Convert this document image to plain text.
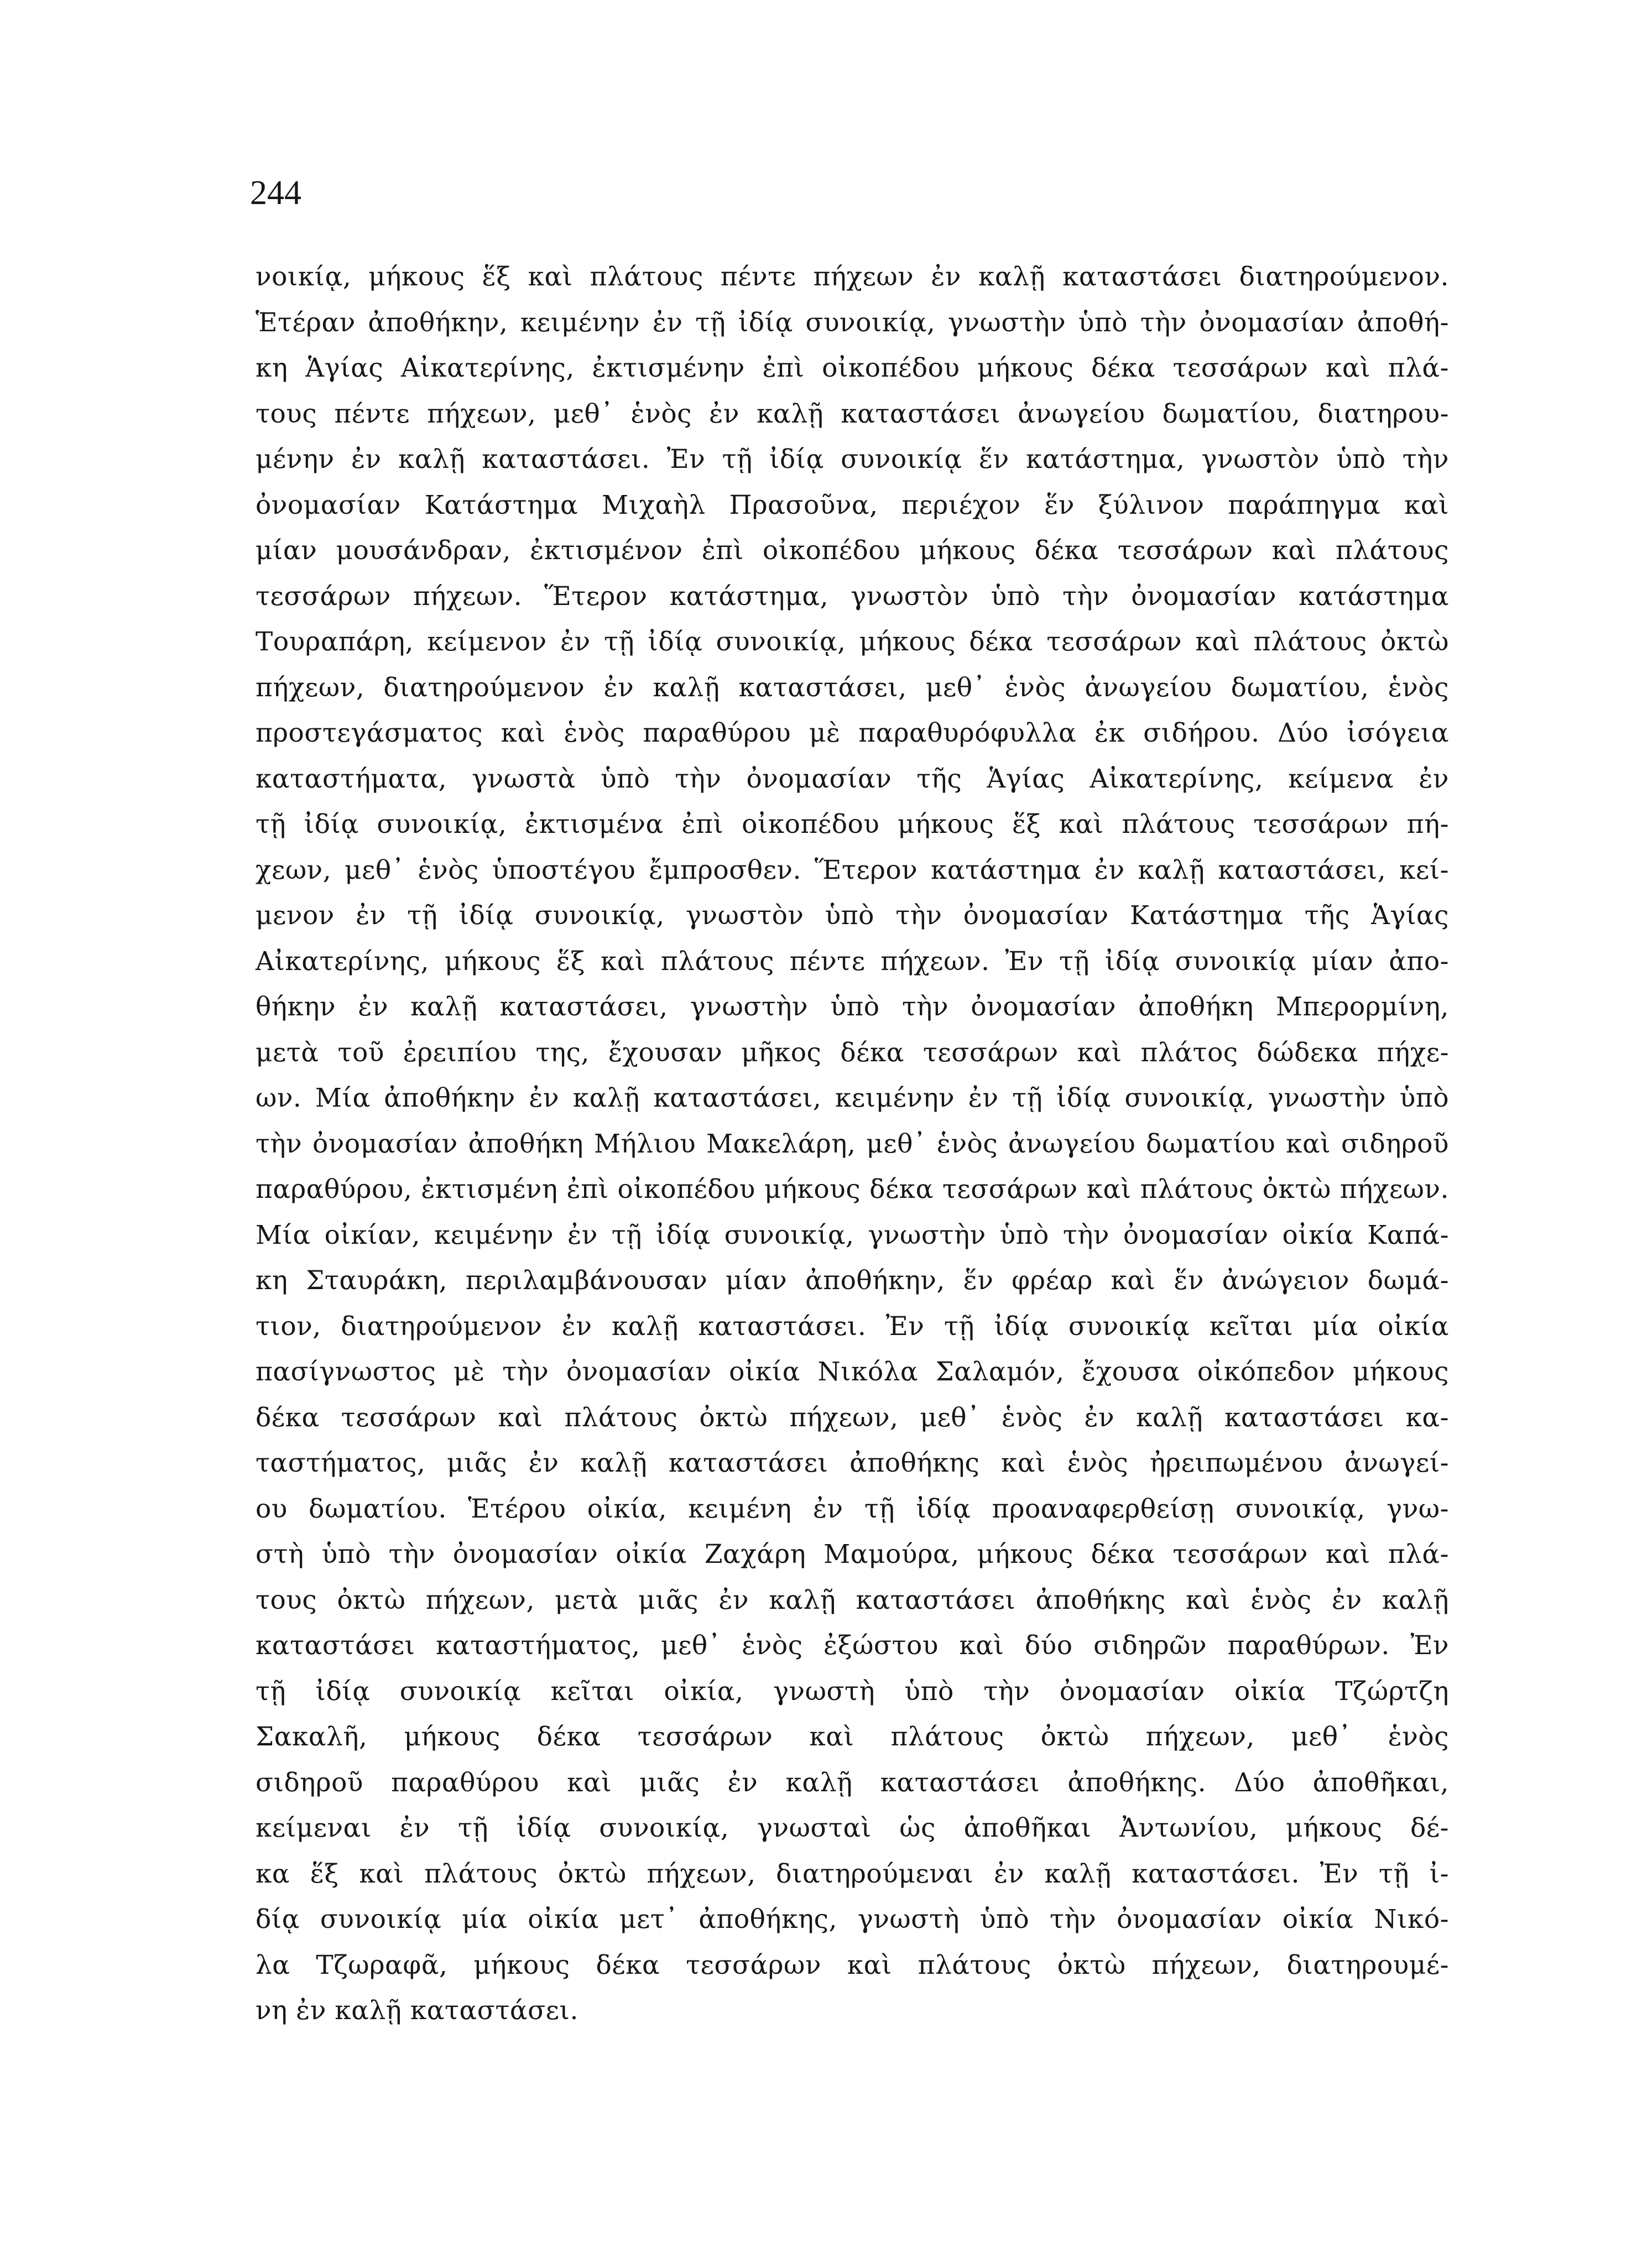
244
νοικίᾳ, μήκους ἕξ καὶ πλάτους πέντε πήχεων ἐν καλῇ καταστάσει διατηρούμενον.
Ἑτέραν ἀποθήκην, κειμένην ἐν τῇ ἰδίᾳ συνοικίᾳ, γνωστὴν ὑπὸ τὴν ὀνομασίαν ἀποθή-
κη Ἁγίας Αἰκατερίνης, ἐκτισμένην ἐπὶ οἰκοπέδου μήκους δέκα τεσσάρων καὶ πλά-
τους πέντε πήχεων, μεθ᾽ ἑνὸς ἐν καλῇ καταστάσει ἀνωγείου δωματίου, διατηρου-
μένην ἐν καλῇ καταστάσει. Ἐν τῇ ἰδίᾳ συνοικίᾳ ἕν κατάστημα, γνωστὸν ὑπὸ τὴν
ὀνομασίαν Κατάστημα Μιχαὴλ Πρασοῦνα, περιέχον ἕν ξύλινον παράπηγμα καὶ
μίαν μουσάνδραν, ἐκτισμένον ἐπὶ οἰκοπέδου μήκους δέκα τεσσάρων καὶ πλάτους
τεσσάρων πήχεων. Ἕτερον κατάστημα, γνωστὸν ὑπὸ τὴν ὀνομασίαν κατάστημα
Τουραπάρη, κείμενον ἐν τῇ ἰδίᾳ συνοικίᾳ, μήκους δέκα τεσσάρων καὶ πλάτους ὀκτὼ
πήχεων, διατηρούμενον ἐν καλῇ καταστάσει, μεθ᾽ ἑνὸς ἀνωγείου δωματίου, ἑνὸς
προστεγάσματος καὶ ἑνὸς παραθύρου μὲ παραθυρόφυλλα ἐκ σιδήρου. Δύο ἰσόγεια
καταστήματα, γνωστὰ ὑπὸ τὴν ὀνομασίαν τῆς Ἁγίας Αἰκατερίνης, κείμενα ἐν
τῇ ἰδίᾳ συνοικίᾳ, ἐκτισμένα ἐπὶ οἰκοπέδου μήκους ἕξ καὶ πλάτους τεσσάρων πή-
χεων, μεθ᾽ ἑνὸς ὑποστέγου ἔμπροσθεν. Ἕτερον κατάστημα ἐν καλῇ καταστάσει, κεί-
μενον ἐν τῇ ἰδίᾳ συνοικίᾳ, γνωστὸν ὑπὸ τὴν ὀνομασίαν Κατάστημα τῆς Ἁγίας
Αἰκατερίνης, μήκους ἕξ καὶ πλάτους πέντε πήχεων. Ἐν τῇ ἰδίᾳ συνοικίᾳ μίαν ἀπο-
θήκην ἐν καλῇ καταστάσει, γνωστὴν ὑπὸ τὴν ὀνομασίαν ἀποθήκη Μπερορμίνη,
μετὰ τοῦ ἐρειπίου της, ἔχουσαν μῆκος δέκα τεσσάρων καὶ πλάτος δώδεκα πήχε-
ων. Μία ἀποθήκην ἐν καλῇ καταστάσει, κειμένην ἐν τῇ ἰδίᾳ συνοικίᾳ, γνωστὴν ὑπὸ
τὴν ὀνομασίαν ἀποθήκη Μήλιου Μακελάρη, μεθ᾽ ἑνὸς ἀνωγείου δωματίου καὶ σιδηροῦ
παραθύρου, ἐκτισμένη ἐπὶ οἰκοπέδου μήκους δέκα τεσσάρων καὶ πλάτους ὀκτὼ πήχεων.
Μία οἰκίαν, κειμένην ἐν τῇ ἰδίᾳ συνοικίᾳ, γνωστὴν ὑπὸ τὴν ὀνομασίαν οἰκία Καπά-
κη Σταυράκη, περιλαμβάνουσαν μίαν ἀποθήκην, ἕν φρέαρ καὶ ἕν ἀνώγειον δωμά-
τιον, διατηρούμενον ἐν καλῇ καταστάσει. Ἐν τῇ ἰδίᾳ συνοικίᾳ κεῖται μία οἰκία
πασίγνωστος μὲ τὴν ὀνομασίαν οἰκία Νικόλα Σαλαμόν, ἔχουσα οἰκόπεδον μήκους
δέκα τεσσάρων καὶ πλάτους ὀκτὼ πήχεων, μεθ᾽ ἑνὸς ἐν καλῇ καταστάσει κα-
ταστήματος, μιᾶς ἐν καλῇ καταστάσει ἀποθήκης καὶ ἑνὸς ἠρειπωμένου ἀνωγεί-
ου δωματίου. Ἑτέρου οἰκία, κειμένη ἐν τῇ ἰδίᾳ προαναφερθείσῃ συνοικίᾳ, γνω-
στὴ ὑπὸ τὴν ὀνομασίαν οἰκία Ζαχάρη Μαμούρα, μήκους δέκα τεσσάρων καὶ πλά-
τους ὀκτὼ πήχεων, μετὰ μιᾶς ἐν καλῇ καταστάσει ἀποθήκης καὶ ἑνὸς ἐν καλῇ
καταστάσει καταστήματος, μεθ᾽ ἑνὸς ἐξώστου καὶ δύο σιδηρῶν παραθύρων. Ἐν
τῇ ἰδίᾳ συνοικίᾳ κεῖται οἰκία, γνωστὴ ὑπὸ τὴν ὀνομασίαν οἰκία Τζώρτζη
Σακαλῆ, μήκους δέκα τεσσάρων καὶ πλάτους ὀκτὼ πήχεων, μεθ᾽ ἑνὸς
σιδηροῦ παραθύρου καὶ μιᾶς ἐν καλῇ καταστάσει ἀποθήκης. Δύο ἀποθῆκαι,
κείμεναι ἐν τῇ ἰδίᾳ συνοικίᾳ, γνωσταὶ ὡς ἀποθῆκαι Ἀντωνίου, μήκους δέ-
κα ἕξ καὶ πλάτους ὀκτὼ πήχεων, διατηρούμεναι ἐν καλῇ καταστάσει. Ἐν τῇ ἰ-
δίᾳ συνοικίᾳ μία οἰκία μετ᾽ ἀποθήκης, γνωστὴ ὑπὸ τὴν ὀνομασίαν οἰκία Νικό-
λα Τζωραφᾶ, μήκους δέκα τεσσάρων καὶ πλάτους ὀκτὼ πήχεων, διατηρουμέ-
νη ἐν καλῇ καταστάσει.
